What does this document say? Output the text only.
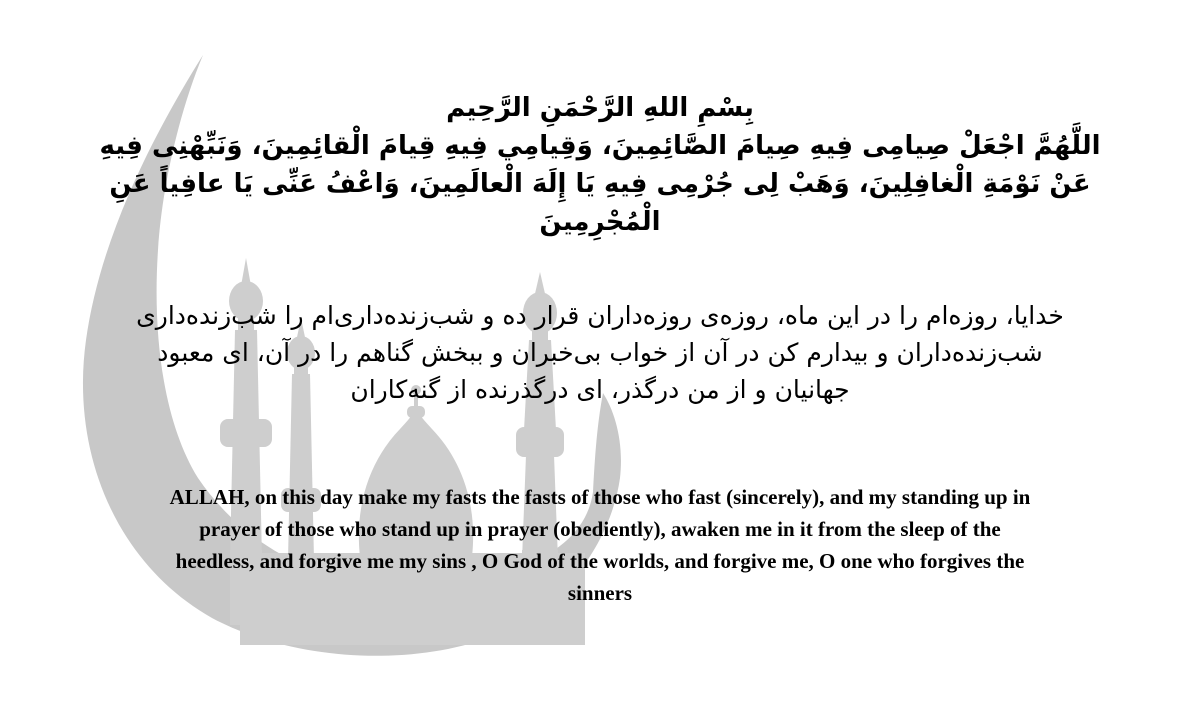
بِسْمِ اللهِ الرَّحْمَنِ الرَّحِيم
اللَّهُمَّ اجْعَلْ صِيامِى فِيهِ صِيامَ الصَّائِمِينَ، وَقِيامِي فِيهِ قِيامَ الْقائِمِينَ، وَنَبِّهْنِى فِيهِ
عَنْ نَوْمَةِ الْغافِلِينَ، وَهَبْ لِى جُرْمِى فِيهِ يَا إِلَهَ الْعالَمِينَ، وَاعْفُ عَنِّى يَا عافِياً عَنِ
الْمُجْرِمِينَ
خدایا، روزه‌ام را در این ماه، روزه‌ی روزه‌داران قرار ده و شب‌زنده‌داری‌ام را شب‌زنده‌داری
شب‌زنده‌داران و بیدارم کن در آن از خواب بی‌خبران و ببخش گناهم را در آن، ای معبود
جهانیان و از من درگذر، ای درگذرنده از گنه‌کاران
ALLAH, on this day make my fasts the fasts of those who fast (sincerely), and my standing up in
prayer of those who stand up in prayer (obediently), awaken me in it from the sleep of the
heedless, and forgive me my sins , O God of the worlds, and forgive me, O one who forgives the
sinners
